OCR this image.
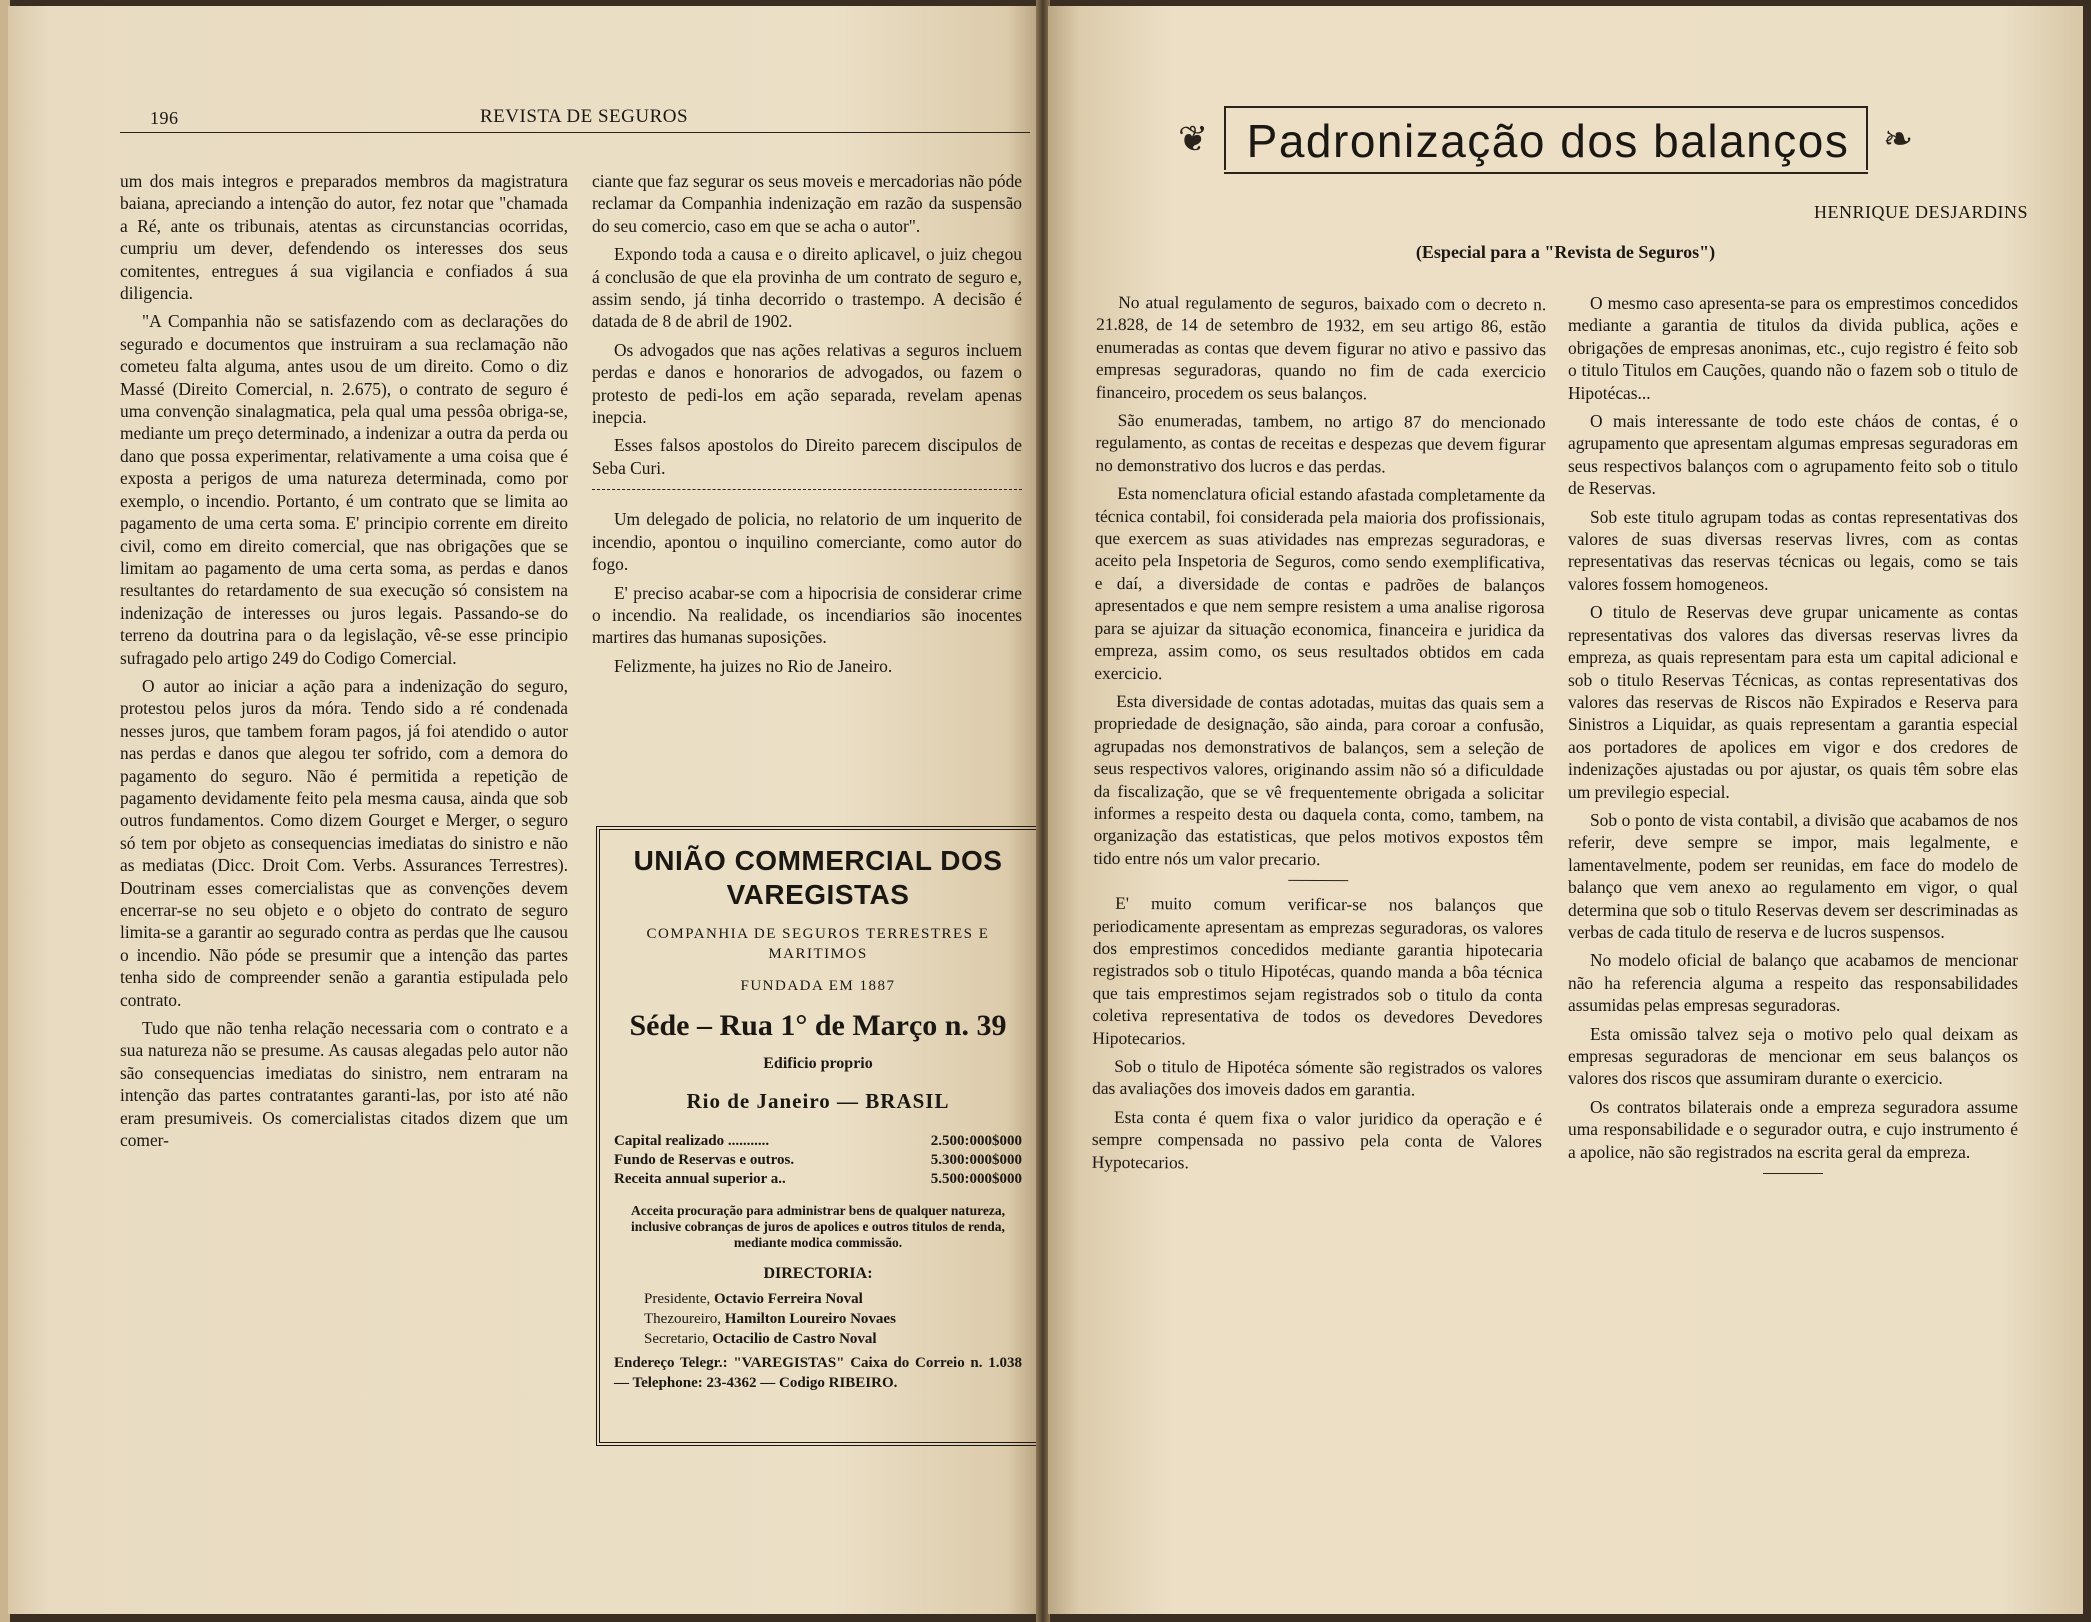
196	REVISTA DE SEGUROS

um dos mais integros e preparados membros da magistratura baiana, apreciando a intenção do autor, fez notar que "chamada a Ré, ante os tribunais, atentas as circunstancias ocorridas, cumpriu um dever, defendendo os interesses dos seus comitentes, entregues á sua vigilancia e confiados á sua diligencia.

"A Companhia não se satisfazendo com as declarações do segurado e documentos que instruiram a sua reclamação não cometeu falta alguma, antes usou de um direito. Como o diz Massé (Direito Comercial, n. 2.675), o contrato de seguro é uma convenção sinalagmatica, pela qual uma pessôa obriga-se, mediante um preço determinado, a indenizar a outra da perda ou dano que possa experimentar, relativamente a uma coisa que é exposta a perigos de uma natureza determinada, como por exemplo, o incendio. Portanto, é um contrato que se limita ao pagamento de uma certa soma. E' principio corrente em direito civil, como em direito comercial, que nas obrigações que se limitam ao pagamento de uma certa soma, as perdas e danos resultantes do retardamento de sua execução só consistem na indenização de interesses ou juros legais. Passando-se do terreno da doutrina para o da legislação, vê-se esse principio sufragado pelo artigo 249 do Codigo Comercial.

O autor ao iniciar a ação para a indenização do seguro, protestou pelos juros da móra. Tendo sido a ré condenada nesses juros, que tambem foram pagos, já foi atendido o autor nas perdas e danos que alegou ter sofrido, com a demora do pagamento do seguro. Não é permitida a repetição de pagamento devidamente feito pela mesma causa, ainda que sob outros fundamentos. Como dizem Gourget e Merger, o seguro só tem por objeto as consequencias imediatas do sinistro e não as mediatas (Dicc. Droit Com. Verbs. Assurances Terrestres). Doutrinam esses comercialistas que as convenções devem encerrar-se no seu objeto e o objeto do contrato de seguro limita-se a garantir ao segurado contra as perdas que lhe causou o incendio. Não póde se presumir que a intenção das partes tenha sido de compreender senão a garantia estipulada pelo contrato.

Tudo que não tenha relação necessaria com o contrato e a sua natureza não se presume. As causas alegadas pelo autor não são consequencias imediatas do sinistro, nem entraram na intenção das partes contratantes garanti-las, por isto até não eram presumiveis. Os comercialistas citados dizem que um comer-

ciante que faz segurar os seus moveis e mercadorias não póde reclamar da Companhia indenização em razão da suspensão do seu comercio, caso em que se acha o autor".

Expondo toda a causa e o direito aplicavel, o juiz chegou á conclusão de que ela provinha de um contrato de seguro e, assim sendo, já tinha decorrido o trastempo. A decisão é datada de 8 de abril de 1902.

Os advogados que nas ações relativas a seguros incluem perdas e danos e honorarios de advogados, ou fazem o protesto de pedi-los em ação separada, revelam apenas inepcia.

Esses falsos apostolos do Direito parecem discipulos de Seba Curi.

Um delegado de policia, no relatorio de um inquerito de incendio, apontou o inquilino comerciante, como autor do fogo.

E' preciso acabar-se com a hipocrisia de considerar crime o incendio. Na realidade, os incendiarios são inocentes martires das humanas suposições.

Felizmente, ha juizes no Rio de Janeiro.

UNIÃO COMMERCIAL DOS VAREGISTAS
COMPANHIA DE SEGUROS TERRESTRES E MARITIMOS
FUNDADA EM 1887
Séde – Rua 1° de Março n. 39
Edificio proprio
Rio de Janeiro — BRASIL
Capital realizado ...........	2.500:000$000
Fundo de Reservas e outros.	5.300:000$000
Receita annual superior a..	5.500:000$000
Acceita procuração para administrar bens de qualquer natureza, inclusive cobranças de juros de apolices e outros titulos de renda, mediante modica commissão.
DIRECTORIA:
Presidente, Octavio Ferreira Noval
Thezoureiro, Hamilton Loureiro Novaes
Secretario, Octacilio de Castro Noval
Endereço Telegr.: "VAREGISTAS" Caixa do Correio n. 1.038 — Telephone: 23-4362 — Codigo RIBEIRO.
❦	❧
Padronização dos balanços
HENRIQUE DESJARDINS
(Especial para a "Revista de Seguros")

No atual regulamento de seguros, baixado com o decreto n. 21.828, de 14 de setembro de 1932, em seu artigo 86, estão enumeradas as contas que devem figurar no ativo e passivo das empresas seguradoras, quando no fim de cada exercicio financeiro, procedem os seus balanços.

São enumeradas, tambem, no artigo 87 do mencionado regulamento, as contas de receitas e despezas que devem figurar no demonstrativo dos lucros e das perdas.

Esta nomenclatura oficial estando afastada completamente da técnica contabil, foi considerada pela maioria dos profissionais, que exercem as suas atividades nas emprezas seguradoras, e aceito pela Inspetoria de Seguros, como sendo exemplificativa, e daí, a diversidade de contas e padrões de balanços apresentados e que nem sempre resistem a uma analise rigorosa para se ajuizar da situação economica, financeira e juridica da empreza, assim como, os seus resultados obtidos em cada exercicio.

Esta diversidade de contas adotadas, muitas das quais sem a propriedade de designação, são ainda, para coroar a confusão, agrupadas nos demonstrativos de balanços, sem a seleção de seus respectivos valores, originando assim não só a dificuldade da fiscalização, que se vê frequentemente obrigada a solicitar informes a respeito desta ou daquela conta, como, tambem, na organização das estatisticas, que pelos motivos expostos têm tido entre nós um valor precario.

E' muito comum verificar-se nos balanços que periodicamente apresentam as emprezas seguradoras, os valores dos emprestimos concedidos mediante garantia hipotecaria registrados sob o titulo Hipotécas, quando manda a bôa técnica que tais emprestimos sejam registrados sob o titulo da conta coletiva representativa de todos os devedores Devedores Hipotecarios.

Sob o titulo de Hipotéca sómente são registrados os valores das avaliações dos imoveis dados em garantia.

Esta conta é quem fixa o valor juridico da operação e é sempre compensada no passivo pela conta de Valores Hypotecarios.

O mesmo caso apresenta-se para os emprestimos concedidos mediante a garantia de titulos da divida publica, ações e obrigações de empresas anonimas, etc., cujo registro é feito sob o titulo Titulos em Cauções, quando não o fazem sob o titulo de Hipotécas...

O mais interessante de todo este cháos de contas, é o agrupamento que apresentam algumas empresas seguradoras em seus respectivos balanços com o agrupamento feito sob o titulo de Reservas.

Sob este titulo agrupam todas as contas representativas dos valores de suas diversas reservas livres, com as contas representativas das reservas técnicas ou legais, como se tais valores fossem homogeneos.

O titulo de Reservas deve grupar unicamente as contas representativas dos valores das diversas reservas livres da empreza, as quais representam para esta um capital adicional e sob o titulo Reservas Técnicas, as contas representativas dos valores das reservas de Riscos não Expirados e Reserva para Sinistros a Liquidar, as quais representam a garantia especial aos portadores de apolices em vigor e dos credores de indenizações ajustadas ou por ajustar, os quais têm sobre elas um previlegio especial.

Sob o ponto de vista contabil, a divisão que acabamos de nos referir, deve sempre se impor, mais legalmente, e lamentavelmente, podem ser reunidas, em face do modelo de balanço que vem anexo ao regulamento em vigor, o qual determina que sob o titulo Reservas devem ser descriminadas as verbas de cada titulo de reserva e de lucros suspensos.

No modelo oficial de balanço que acabamos de mencionar não ha referencia alguma a respeito das responsabilidades assumidas pelas empresas seguradoras.

Esta omissão talvez seja o motivo pelo qual deixam as empresas seguradoras de mencionar em seus balanços os valores dos riscos que assumiram durante o exercicio.

Os contratos bilaterais onde a empreza seguradora assume uma responsabilidade e o segurador outra, e cujo instrumento é a apolice, não são registrados na escrita geral da empreza.
